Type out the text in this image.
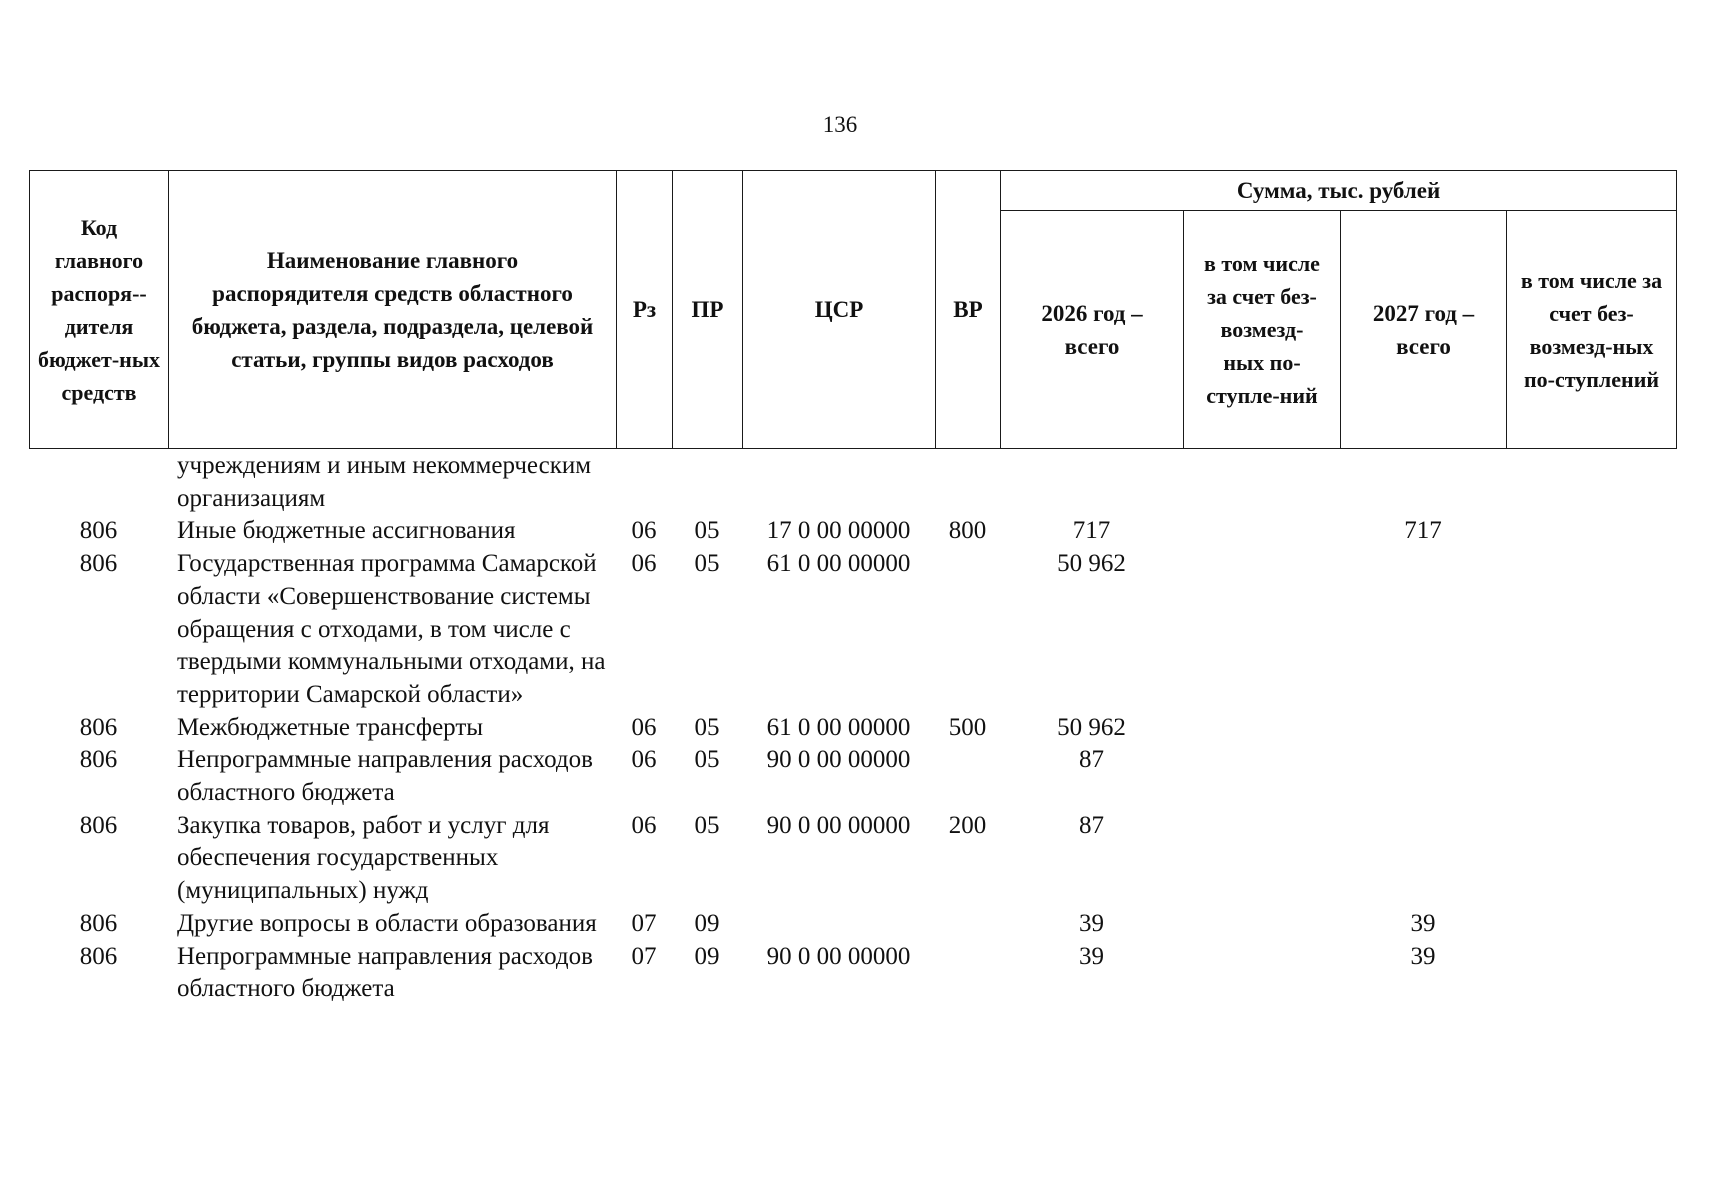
136
Код главного распоря--дителя бюджет-ных средств	Наименование главного распорядителя средств областного бюджета, раздела, подраздела, целевой статьи, группы видов расходов	Рз	ПР	ЦСР	ВР	Сумма, тыс. рублей			
						2026 год – всего	в том числе за счет без-возмезд-ных по-ступле-ний	2027 год – всего	в том числе за счет без-возмезд-ных по-ступлений
	учреждениям и иным некоммерческим организациям								
806	Иные бюджетные ассигнования	06	05	17 0 00 00000	800	717		717	
806	Государственная программа Самарской области «Совершенствование системы обращения с отходами, в том числе с твердыми коммунальными отходами, на территории Самарской области»	06	05	61 0 00 00000		50 962			
806	Межбюджетные трансферты	06	05	61 0 00 00000	500	50 962			
806	Непрограммные направления расходов областного бюджета	06	05	90 0 00 00000		87			
806	Закупка товаров, работ и услуг для обеспечения государственных (муниципальных) нужд	06	05	90 0 00 00000	200	87			
806	Другие вопросы в области образования	07	09			39		39	
806	Непрограммные направления расходов областного бюджета	07	09	90 0 00 00000		39		39	
